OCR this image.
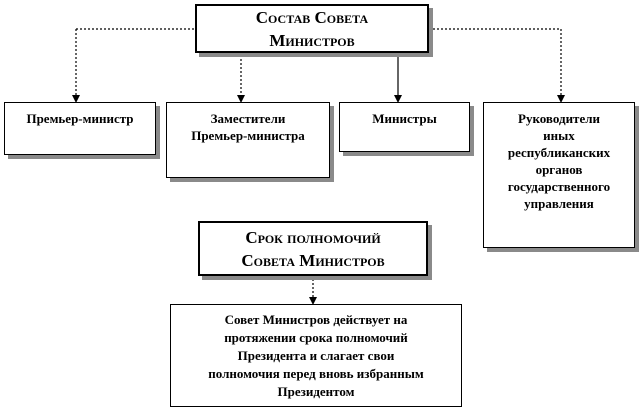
Состав Совета
Министров
Премьер-министр	Заместители
Премьер-министра
Министры	Руководители
иных
республиканских
органов
государственного
управления
Срок полномочий
Совета Министров
Совет Министров действует на
протяжении срока полномочий
Президента и слагает свои
полномочия перед вновь избранным
Президентом
